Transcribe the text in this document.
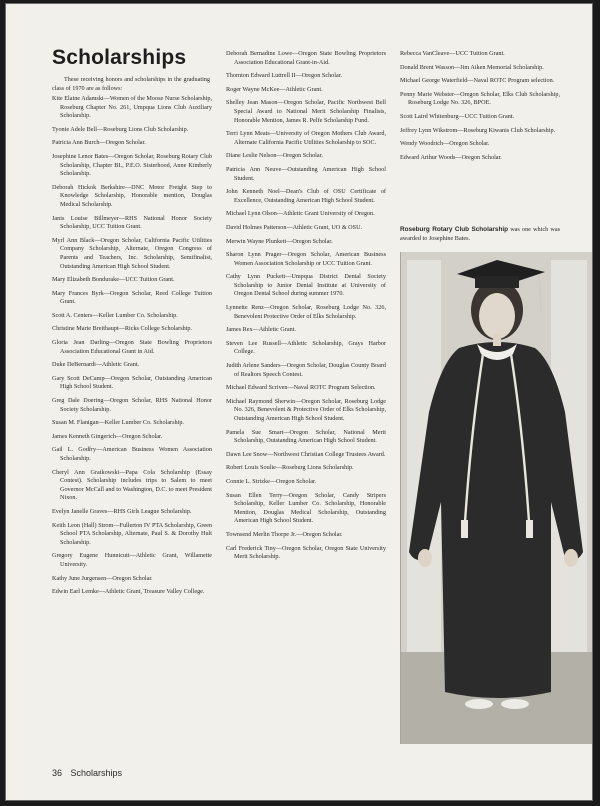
Scholarships
These receiving honors and scholarships in the graduating class of 1970 are as follows:

Kite Elaine Adamski—Women of the Moose Nurse Scholarship, Roseburg Chapter No. 261, Umpqua Lions Club Auxiliary Scholarship.

Tyonie Adele Bell—Roseburg Lions Club Scholarship.

Patricia Ann Burch—Oregon Scholar.

Josephine Lenor Bates—Oregon Scholar, Roseburg Rotary Club Scholarship, Chapter BL, P.E.O. Sisterhood, Anne Kimberly Scholarship.

Deborah Hickok Berkshire—DNC Motor Freight Step to Knowledge Scholarship, Honorable mention, Douglas Medical Scholarship.

Janis Louise Billmeyer—RHS National Honor Society Scholarship, UCC Tuition Grant.

Myrl Ann Black—Oregon Scholar, California Pacific Utilities Company Scholarship, Alternate, Oregon Congress of Parents and Teachers, Inc. Scholarship, Semifinalist, Outstanding American High School Student.

Mary Elizabeth Bondurake—UCC Tuition Grant.

Mary Frances Byrk—Oregon Scholar, Reed College Tuition Grant.

Scott A. Centers—Keller Lumber Co. Scholarship.

Christine Marie Breithaupt—Ricks College Scholarship.

Gloria Jean Darling—Oregon State Bowling Proprietors Association Educational Grant in Aid.

Duke DeBernardi—Athletic Grant.

Gary Scott DeCamp—Oregon Scholar, Outstanding American High School Student.

Greg Dale Doering—Oregon Scholar, RHS National Honor Society Scholarship.

Susan M. Flanigan—Keller Lumber Co. Scholarship.

James Kenneth Gingerich—Oregon Scholar.

Gail L. Godfry—American Business Women Association Scholarship.

Cheryl Ann Gratkowski—Papa Cola Scholarship (Essay Contest). Scholarship includes trips to Salem to meet Governor McCall and to Washington, D.C. to meet President Nixon.

Evelyn Janelle Graves—RHS Girls League Scholarship.

Keith Leon (Hall) Strom—Fullerton IV PTA Scholarship, Green School PTA Scholarship, Alternate, Paul S. & Dorothy Hult Scholarship.

Gregory Eugene Hunnicutt—Athletic Grant, Willamette University.

Kathy June Jurgensen—Oregon Scholar.

Edwin Earl Lemke—Athletic Grant, Treasure Valley College.

Deborah Bernadine Lowe—Oregon State Bowling Proprietors Association Educational Grant-in-Aid.

Thornton Edward Luttrell II—Oregon Scholar.

Roger Wayne McKee—Athletic Grant.

Shelley Jean Mason—Oregon Scholar, Pacific Northwest Bell Special Award to National Merit Scholarship Finalists, Honorable Mention, James R. Pelfe Scholarship Fund.

Terri Lynn Meats—University of Oregon Mothers Club Award, Alternate California Pacific Utilities Scholarship to SOC.

Diane Leslie Nelson—Oregon Scholar.

Patricia Ann Neuve—Outstanding American High School Student.

John Kenneth Noel—Dean's Club of OSU Certificate of Excellence, Outstanding American High School Student.

Michael Lynn Olson—Athletic Grant University of Oregon.

David Holmes Patterson—Athletic Grant, UO & OSU.

Merwin Wayne Plunkett—Oregon Scholar.

Sharon Lynn Prager—Oregon Scholar, American Business Women Association Scholarship or UCC Tuition Grant.

Cathy Lynn Puckett—Umpqua District Dental Society Scholarship to Junior Dental Institute at University of Oregon Dental School during summer 1970.

Lynnette Renz—Oregon Scholar, Roseburg Lodge No. 326, Benevolent Protective Order of Elks Scholarship.

James Rex—Athletic Grant.

Steven Lee Russell—Athletic Scholarship, Grays Harbor College.

Judith Arlene Sanders—Oregon Scholar, Douglas County Board of Realtors Speech Contest.

Michael Edward Scriven—Naval ROTC Program Selection.

Michael Raymond Sherwin—Oregon Scholar, Roseburg Lodge No. 326, Benevolent & Protective Order of Elks Scholarship, Outstanding American High School Student.

Pamela Sue Smart—Oregon Scholar, National Merit Scholarship, Outstanding American High School Student.

Dawn Lee Snow—Northwest Christian College Trustees Award.

Robert Louis Soulie—Roseburg Lions Scholarship.

Connie L. Strizke—Oregon Scholar.

Susan Ellen Terry—Oregon Scholar, Candy Stripers Scholarship, Keller Lumber Co. Scholarship, Honorable Mention, Douglas Medical Scholarship, Outstanding American High School Student.

Townsend Merlin Thorpe Jr.—Oregon Scholar.

Carl Frederick Tiny—Oregon Scholar, Oregon State University Merit Scholarship.

Rebecca VanCleave—UCC Tuition Grant.

Donald Brent Wasson—Jim Aiken Memorial Scholarship.

Michael George Waterfield—Naval ROTC Program selection.

Penny Marie Webster—Oregon Scholar, Elks Club Scholarship, Roseburg Lodge No. 326, BPOE.

Scott Laird Whitenburg—UCC Tuition Grant.

Jeffrey Lynn Wikstrom—Roseburg Kiwanis Club Scholarship.

Wendy Woodrich—Oregon Scholar.

Edward Arthur Woods—Oregon Scholar.

Roseburg Rotary Club Scholarship was one which was awarded to Josephine Bates.

36 Scholarships
